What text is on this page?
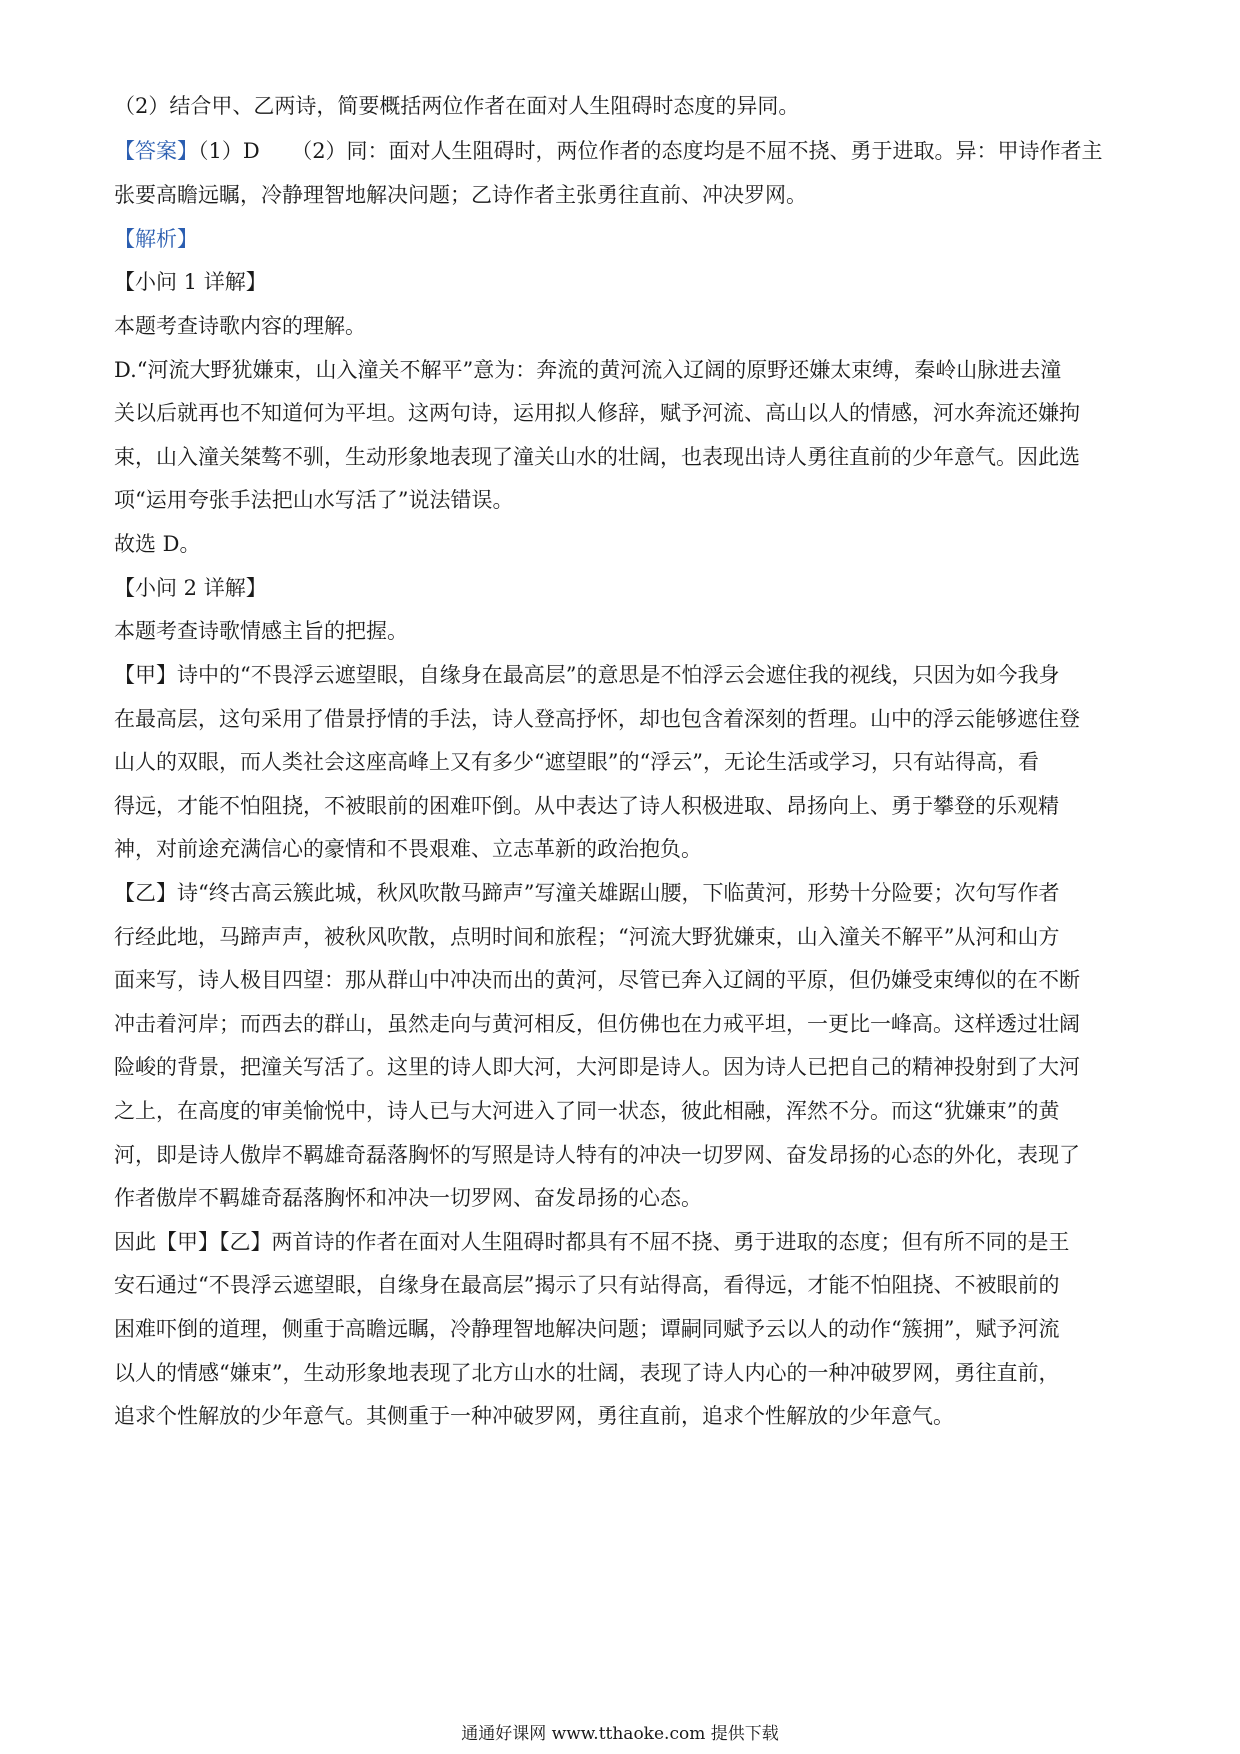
（2）结合甲、乙两诗，简要概括两位作者在面对人生阻碍时态度的异同。
【答案】（1）D　　（2）同：面对人生阻碍时，两位作者的态度均是不屈不挠、勇于进取。异：甲诗作者主
张要高瞻远瞩，冷静理智地解决问题；乙诗作者主张勇往直前、冲决罗网。
【解析】
【小问 1 详解】
本题考查诗歌内容的理解。
D.“河流大野犹嫌束，山入潼关不解平”意为：奔流的黄河流入辽阔的原野还嫌太束缚，秦岭山脉进去潼
关以后就再也不知道何为平坦。这两句诗，运用拟人修辞，赋予河流、高山以人的情感，河水奔流还嫌拘
束，山入潼关桀骜不驯，生动形象地表现了潼关山水的壮阔，也表现出诗人勇往直前的少年意气。因此选
项“运用夸张手法把山水写活了”说法错误。
故选 D。
【小问 2 详解】
本题考查诗歌情感主旨的把握。
【甲】诗中的“不畏浮云遮望眼，自缘身在最高层”的意思是不怕浮云会遮住我的视线，只因为如今我身
在最高层，这句采用了借景抒情的手法，诗人登高抒怀，却也包含着深刻的哲理。山中的浮云能够遮住登
山人的双眼，而人类社会这座高峰上又有多少“遮望眼”的“浮云”，无论生活或学习，只有站得高，看
得远，才能不怕阻挠，不被眼前的困难吓倒。从中表达了诗人积极进取、昂扬向上、勇于攀登的乐观精
神，对前途充满信心的豪情和不畏艰难、立志革新的政治抱负。
【乙】诗“终古高云簇此城，秋风吹散马蹄声”写潼关雄踞山腰，下临黄河，形势十分险要；次句写作者
行经此地，马蹄声声，被秋风吹散，点明时间和旅程；“河流大野犹嫌束，山入潼关不解平”从河和山方
面来写，诗人极目四望：那从群山中冲决而出的黄河，尽管已奔入辽阔的平原，但仍嫌受束缚似的在不断
冲击着河岸；而西去的群山，虽然走向与黄河相反，但仿佛也在力戒平坦，一更比一峰高。这样透过壮阔
险峻的背景，把潼关写活了。这里的诗人即大河，大河即是诗人。因为诗人已把自己的精神投射到了大河
之上，在高度的审美愉悦中，诗人已与大河进入了同一状态，彼此相融，浑然不分。而这“犹嫌束”的黄
河，即是诗人傲岸不羁雄奇磊落胸怀的写照是诗人特有的冲决一切罗网、奋发昂扬的心态的外化，表现了
作者傲岸不羁雄奇磊落胸怀和冲决一切罗网、奋发昂扬的心态。
因此【甲】【乙】两首诗的作者在面对人生阻碍时都具有不屈不挠、勇于进取的态度；但有所不同的是王
安石通过“不畏浮云遮望眼，自缘身在最高层”揭示了只有站得高，看得远，才能不怕阻挠、不被眼前的
困难吓倒的道理，侧重于高瞻远瞩，冷静理智地解决问题；谭嗣同赋予云以人的动作“簇拥”，赋予河流
以人的情感“嫌束”，生动形象地表现了北方山水的壮阔，表现了诗人内心的一种冲破罗网，勇往直前，
追求个性解放的少年意气。其侧重于一种冲破罗网，勇往直前，追求个性解放的少年意气。
通通好课网 www.tthaoke.com 提供下载
